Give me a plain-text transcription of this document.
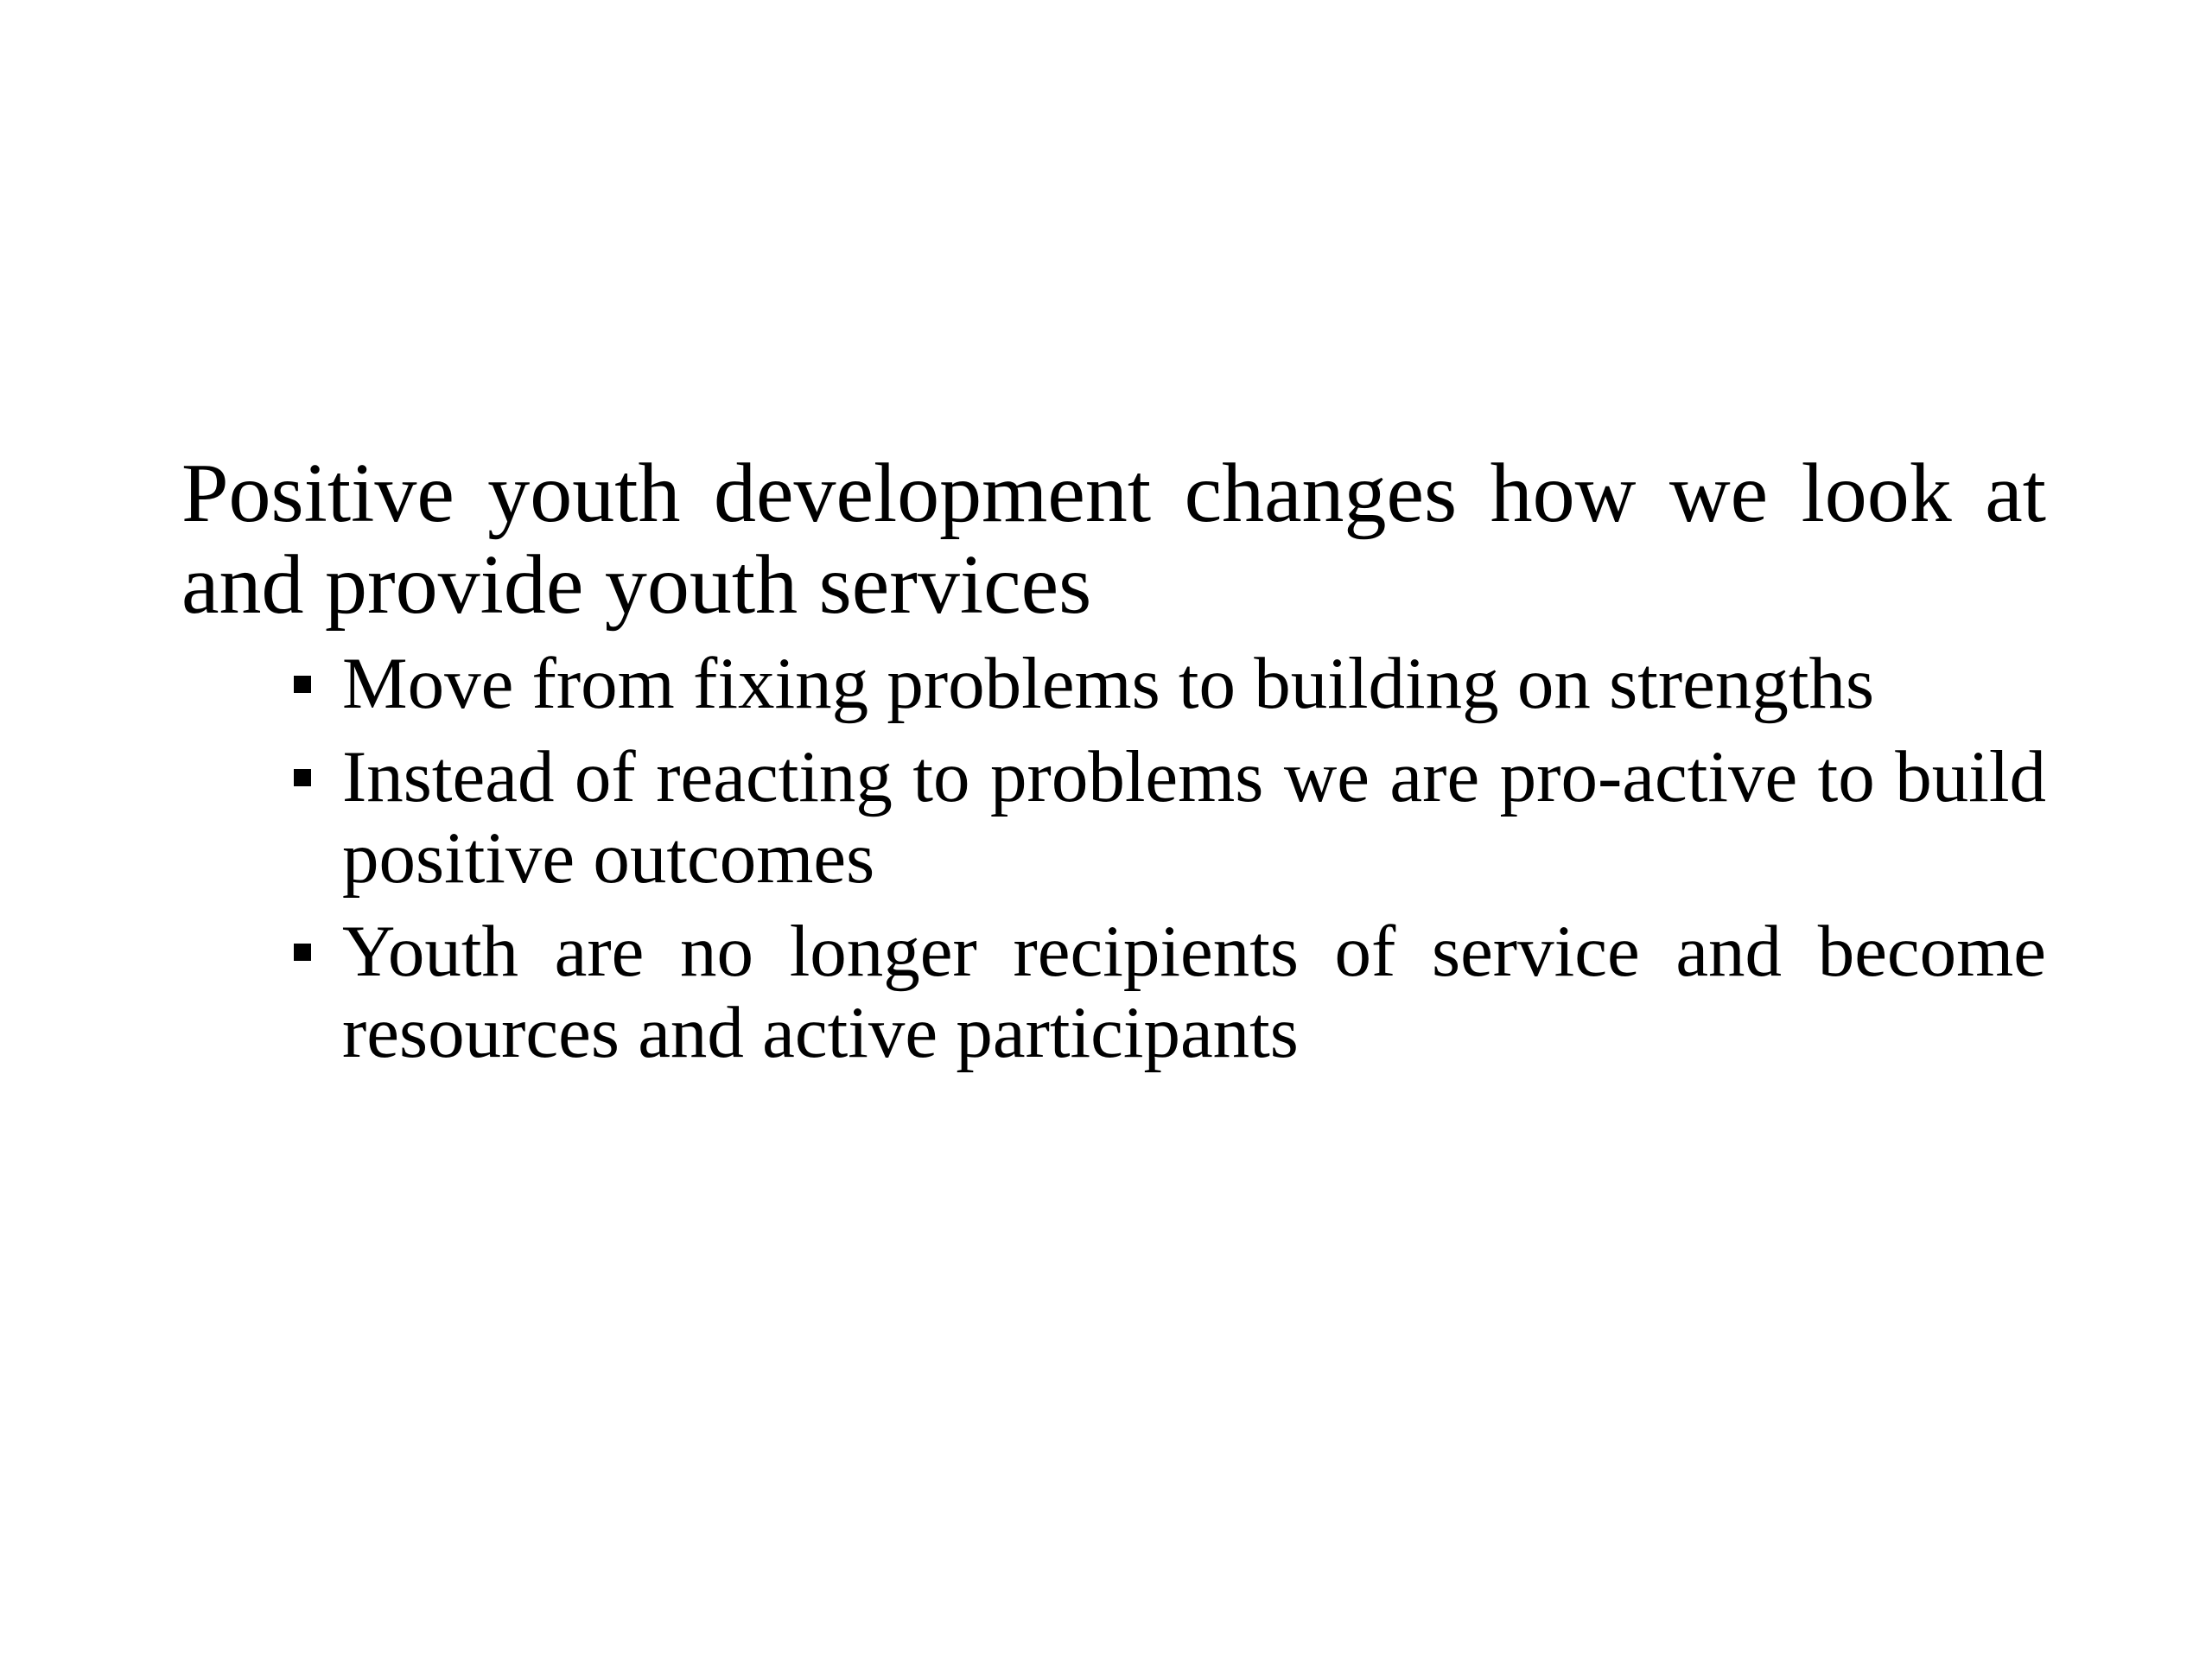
Positive youth development changes how we look at and provide youth services

Move from fixing problems to building on strengths
Instead of reacting to problems we are pro-active to build positive outcomes
Youth are no longer recipients of service and become resources and active participants
